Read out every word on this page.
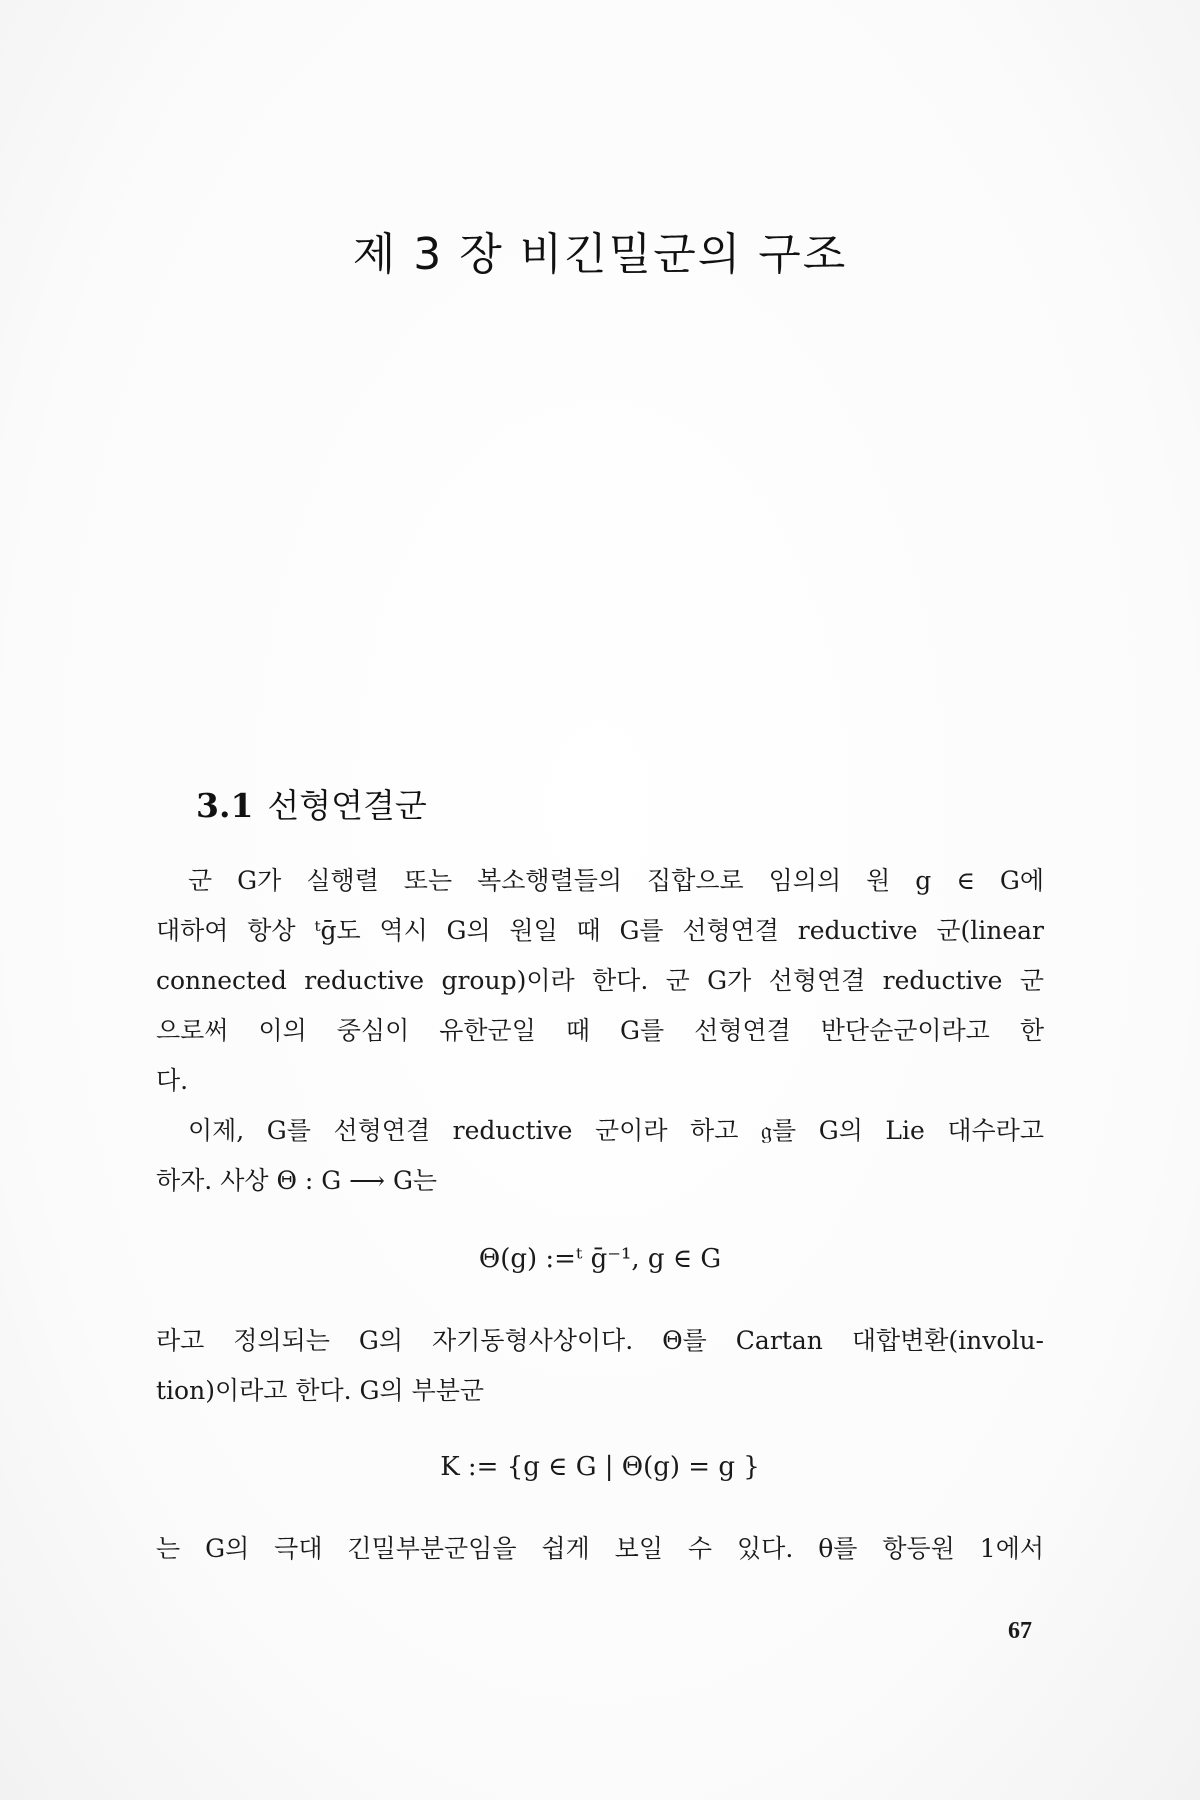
제 3 장 비긴밀군의 구조
3.1 선형연결군
군 G가 실행렬 또는 복소행렬들의 집합으로 임의의 원 g ∈ G에
대하여 항상 ᵗḡ도 역시 G의 원일 때 G를 선형연결 reductive 군(linear
connected reductive group)이라 한다. 군 G가 선형연결 reductive 군
으로써 이의 중심이 유한군일 때 G를 선형연결 반단순군이라고 한
다.
이제, G를 선형연결 reductive 군이라 하고 𝔤를 G의 Lie 대수라고
하자. 사상 Θ : G ⟶ G는
Θ(g) :=ᵗ ḡ⁻¹, g ∈ G
라고 정의되는 G의 자기동형사상이다. Θ를 Cartan 대합변환(involu-
tion)이라고 한다. G의 부분군
K := {g ∈ G | Θ(g) = g }
는 G의 극대 긴밀부분군임을 쉽게 보일 수 있다. θ를 항등원 1에서
67
